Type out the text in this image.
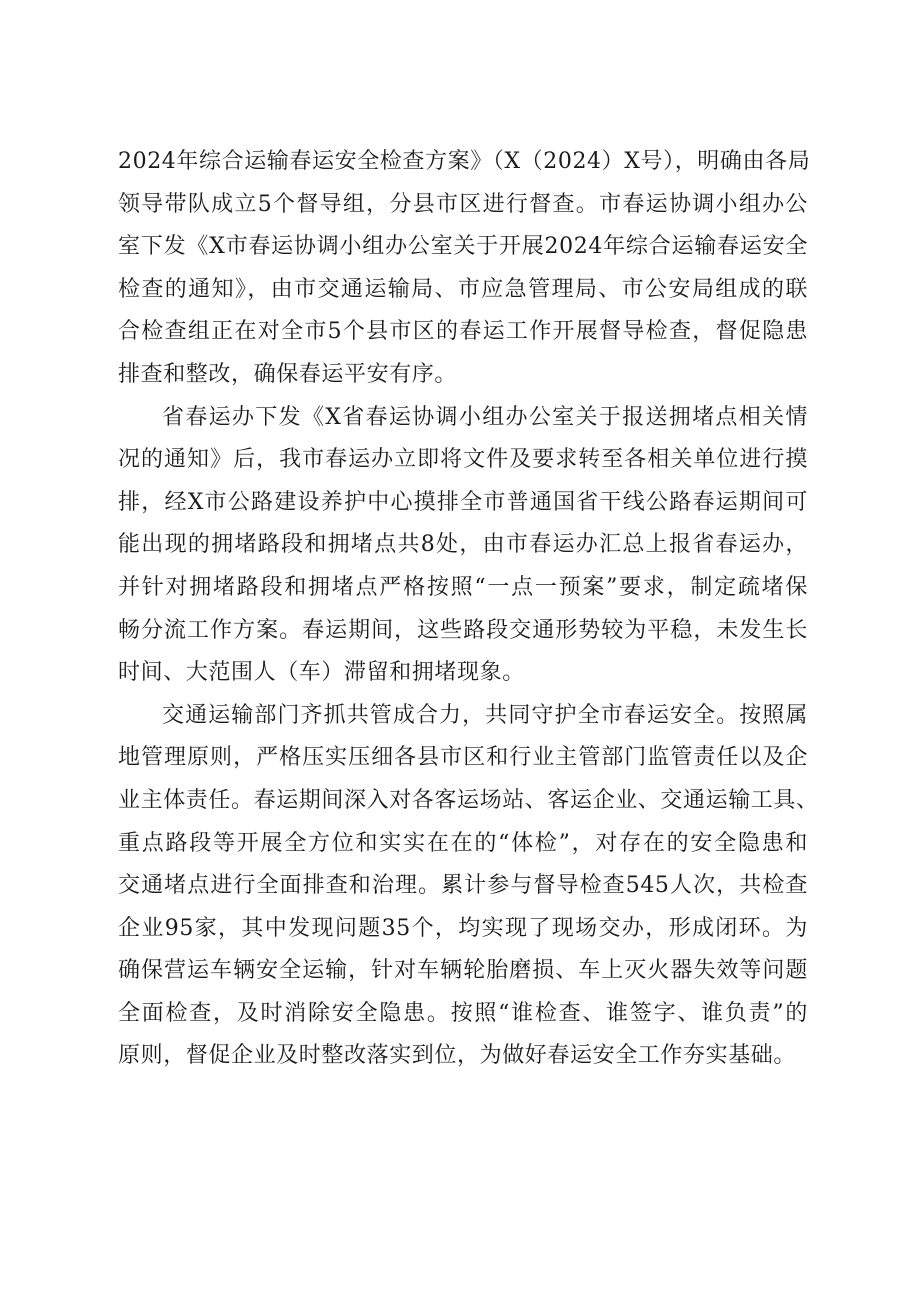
2024年综合运输春运安全检查方案》（X（2024）X号），明确由各局
领导带队成立5个督导组，分县市区进行督查。市春运协调小组办公
室下发《X市春运协调小组办公室关于开展2024年综合运输春运安全
检查的通知》，由市交通运输局、市应急管理局、市公安局组成的联
合检查组正在对全市5个县市区的春运工作开展督导检查，督促隐患
排查和整改，确保春运平安有序。
省春运办下发《X省春运协调小组办公室关于报送拥堵点相关情
况的通知》后，我市春运办立即将文件及要求转至各相关单位进行摸
排，经X市公路建设养护中心摸排全市普通国省干线公路春运期间可
能出现的拥堵路段和拥堵点共8处，由市春运办汇总上报省春运办，
并针对拥堵路段和拥堵点严格按照“一点一预案”要求，制定疏堵保
畅分流工作方案。春运期间，这些路段交通形势较为平稳，未发生长
时间、大范围人（车）滞留和拥堵现象。
交通运输部门齐抓共管成合力，共同守护全市春运安全。按照属
地管理原则，严格压实压细各县市区和行业主管部门监管责任以及企
业主体责任。春运期间深入对各客运场站、客运企业、交通运输工具、
重点路段等开展全方位和实实在在的“体检”，对存在的安全隐患和
交通堵点进行全面排查和治理。累计参与督导检查545人次，共检查
企业95家，其中发现问题35个，均实现了现场交办，形成闭环。为
确保营运车辆安全运输，针对车辆轮胎磨损、车上灭火器失效等问题
全面检查，及时消除安全隐患。按照“谁检查、谁签字、谁负责”的
原则，督促企业及时整改落实到位，为做好春运安全工作夯实基础。
